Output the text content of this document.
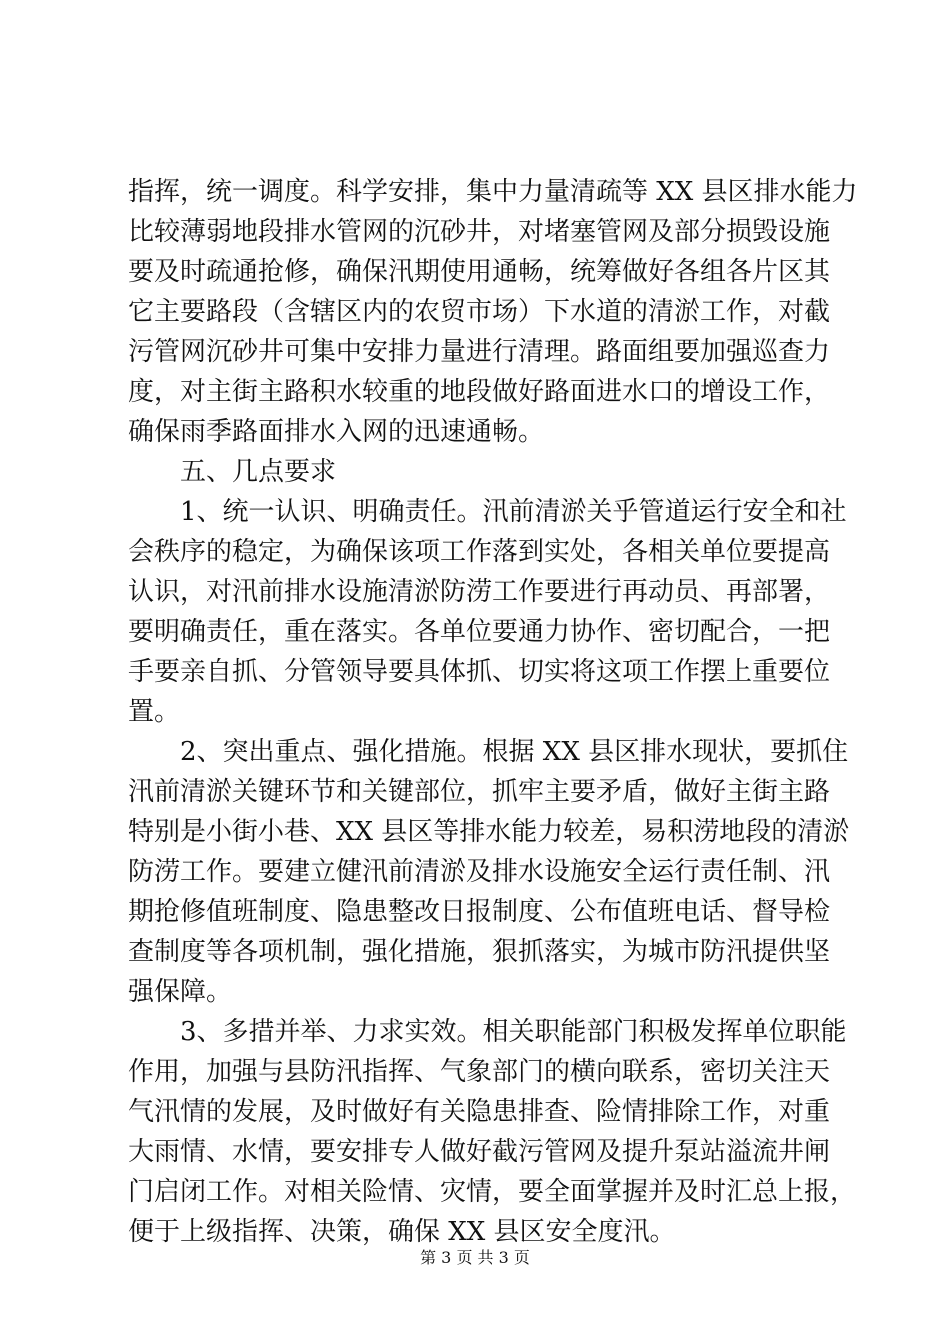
指挥，统一调度。科学安排，集中力量清疏等 XX 县区排水能力
比较薄弱地段排水管网的沉砂井，对堵塞管网及部分损毁设施
要及时疏通抢修，确保汛期使用通畅，统筹做好各组各片区其
它主要路段（含辖区内的农贸市场）下水道的清淤工作，对截
污管网沉砂井可集中安排力量进行清理。路面组要加强巡查力
度，对主街主路积水较重的地段做好路面进水口的增设工作，
确保雨季路面排水入网的迅速通畅。
　　五、几点要求
　　1、统一认识、明确责任。汛前清淤关乎管道运行安全和社
会秩序的稳定，为确保该项工作落到实处，各相关单位要提高
认识，对汛前排水设施清淤防涝工作要进行再动员、再部署，
要明确责任，重在落实。各单位要通力协作、密切配合，一把
手要亲自抓、分管领导要具体抓、切实将这项工作摆上重要位
置。
　　2、突出重点、强化措施。根据 XX 县区排水现状，要抓住
汛前清淤关键环节和关键部位，抓牢主要矛盾，做好主街主路
特别是小街小巷、XX 县区等排水能力较差，易积涝地段的清淤
防涝工作。要建立健汛前清淤及排水设施安全运行责任制、汛
期抢修值班制度、隐患整改日报制度、公布值班电话、督导检
查制度等各项机制，强化措施，狠抓落实，为城市防汛提供坚
强保障。
　　3、多措并举、力求实效。相关职能部门积极发挥单位职能
作用，加强与县防汛指挥、气象部门的横向联系，密切关注天
气汛情的发展，及时做好有关隐患排查、险情排除工作，对重
大雨情、水情，要安排专人做好截污管网及提升泵站溢流井闸
门启闭工作。对相关险情、灾情，要全面掌握并及时汇总上报，
便于上级指挥、决策，确保 XX 县区安全度汛。
第 3 页 共 3 页
